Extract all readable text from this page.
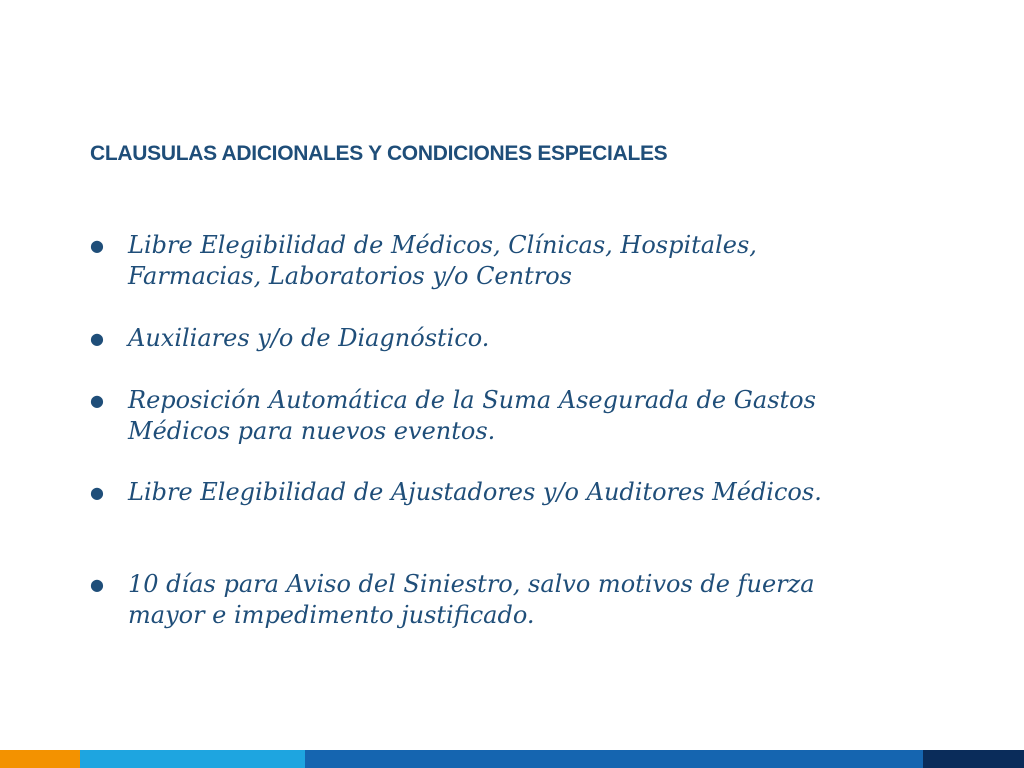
CLAUSULAS ADICIONALES Y CONDICIONES ESPECIALES
●	Libre Elegibilidad de Médicos, Clínicas, Hospitales, Farmacias, Laboratorios y/o Centros
●	Auxiliares y/o de Diagnóstico.
●	Reposición Automática de la Suma Asegurada de Gastos Médicos para nuevos eventos.
●	Libre Elegibilidad de Ajustadores y/o Auditores Médicos.
●	10 días para Aviso del Siniestro, salvo motivos de fuerza mayor e impedimento justificado.
